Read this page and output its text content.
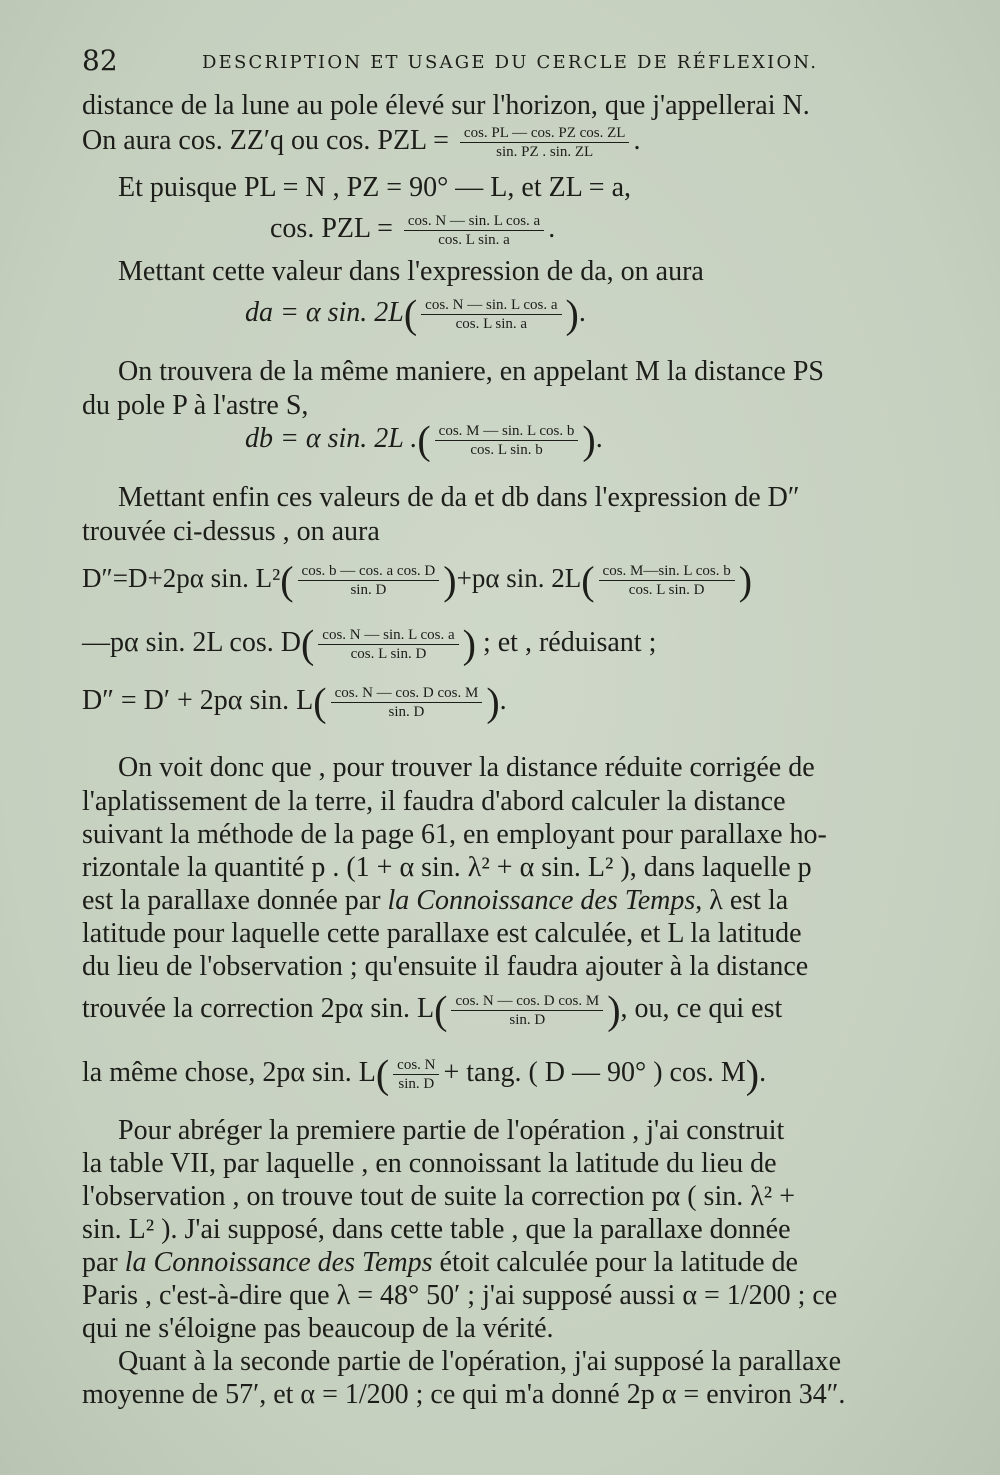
82	DESCRIPTION ET USAGE DU CERCLE DE RÉFLEXION.
distance de la lune au pole élevé sur l'horizon, que j'appellerai N.
On aura cos. ZZ′q ou cos. PZL = $\frac{\text{cos. PL — cos. PZ cos. ZL}}{\sin. PZ . \sin. ZL}$ .
Et puisque PL = N , PZ = 90° — L, et ZL = a,
cos. PZL = $\frac{\text{cos. N — sin. L cos. a}}{\text{cos. L sin. a}}$ .
Mettant cette valeur dans l'expression de da, on aura
da = α sin. $2L( \frac{\text{cos. N — sin. L cos. a}}{\text{cos. L sin. a}}$ ).
On trouvera de la même maniere, en appelant M la distance PS
du pole P à l'astre S,
db = α sin. 2L .( $\frac{\text{cos. M — sin. L cos. b}}{\text{cos. L sin. b}}$ ).
Mettant enfin ces valeurs de da et db dans l'expression de D″
trouvée ci-dessus , on aura
D″=D+2pα sin. $L^2( \frac{\text{cos. b — cos. a cos. D}}{\sin. D} )+p\alpha$ sin. $2L( \frac{\text{cos. M—sin. L cos. b}}{\text{cos. L sin. D}}$ )
—pα sin. 2L cos. $D( \frac{\text{cos. N — sin. L cos. a}}{\text{cos. L sin. D}}$ ) ; et , réduisant ;
D″ = D′ + 2pα sin. $L( \frac{\text{cos. N — cos. D cos. M}}{\sin. D}$ ).
On voit donc que , pour trouver la distance réduite corrigée de
l'aplatissement de la terre, il faudra d'abord calculer la distance
suivant la méthode de la page 61, en employant pour parallaxe ho-
rizontale la quantité p . (1 + α sin. λ² + α sin. L² ), dans laquelle p
est la parallaxe donnée par la Connoissance des Temps, λ est la
latitude pour laquelle cette parallaxe est calculée, et L la latitude
du lieu de l'observation ; qu'ensuite il faudra ajouter à la distance
trouvée la correction 2pα sin. $L( \frac{\text{cos. N — cos. D cos. M}}{\sin. D}$ ), ou, ce qui est
la même chose, 2pα sin. $L( \frac{\cos. N}{\sin. D} + \tan g$. ( D — 90° ) cos. M).
Pour abréger la premiere partie de l'opération , j'ai construit
la table VII, par laquelle , en connoissant la latitude du lieu de
l'observation , on trouve tout de suite la correction pα ( sin. λ² +
sin. L² ). J'ai supposé, dans cette table , que la parallaxe donnée
par la Connoissance des Temps étoit calculée pour la latitude de
Paris , c'est-à-dire que λ = 48° 50′ ; j'ai supposé aussi α = 1/200 ; ce
qui ne s'éloigne pas beaucoup de la vérité.
Quant à la seconde partie de l'opération, j'ai supposé la parallaxe
moyenne de 57′, et α = 1/200 ; ce qui m'a donné 2p α = environ 34″.
